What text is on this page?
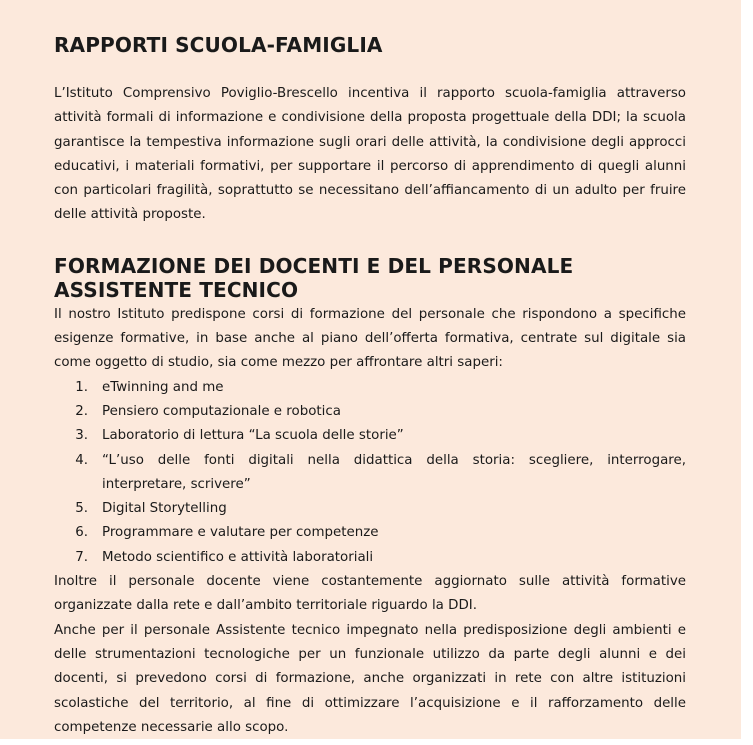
RAPPORTI SCUOLA-FAMIGLIA

L’Istituto Comprensivo Poviglio-Brescello incentiva il rapporto scuola-famiglia attraverso attività formali di informazione e condivisione della proposta progettuale della DDI; la scuola garantisce la tempestiva informazione sugli orari delle attività, la condivisione degli approcci educativi, i materiali formativi, per supportare il percorso di apprendimento di quegli alunni con particolari fragilità, soprattutto se necessitano dell’affiancamento di un adulto per fruire delle attività proposte.

FORMAZIONE DEI DOCENTI E DEL PERSONALE ASSISTENTE TECNICO

Il nostro Istituto predispone corsi di formazione del personale che rispondono a specifiche esigenze formative, in base anche al piano dell’offerta formativa, centrate sul digitale sia come oggetto di studio, sia come mezzo per affrontare altri saperi:

1.	eTwinning and me
2.	Pensiero computazionale e robotica
3.	Laboratorio di lettura “La scuola delle storie”
4.	“L’uso delle fonti digitali nella didattica della storia: scegliere, interrogare, interpretare, scrivere”
5.	Digital Storytelling
6.	Programmare e valutare per competenze
7.	Metodo scientifico e attività laboratoriali

Inoltre il personale docente viene costantemente aggiornato sulle attività formative organizzate dalla rete e dall’ambito territoriale riguardo la DDI.

Anche per il personale Assistente tecnico impegnato nella predisposizione degli ambienti e delle strumentazioni tecnologiche per un funzionale utilizzo da parte degli alunni e dei docenti, si prevedono corsi di formazione, anche organizzati in rete con altre istituzioni scolastiche del territorio, al fine di ottimizzare l’acquisizione e il rafforzamento delle competenze necessarie allo scopo.
